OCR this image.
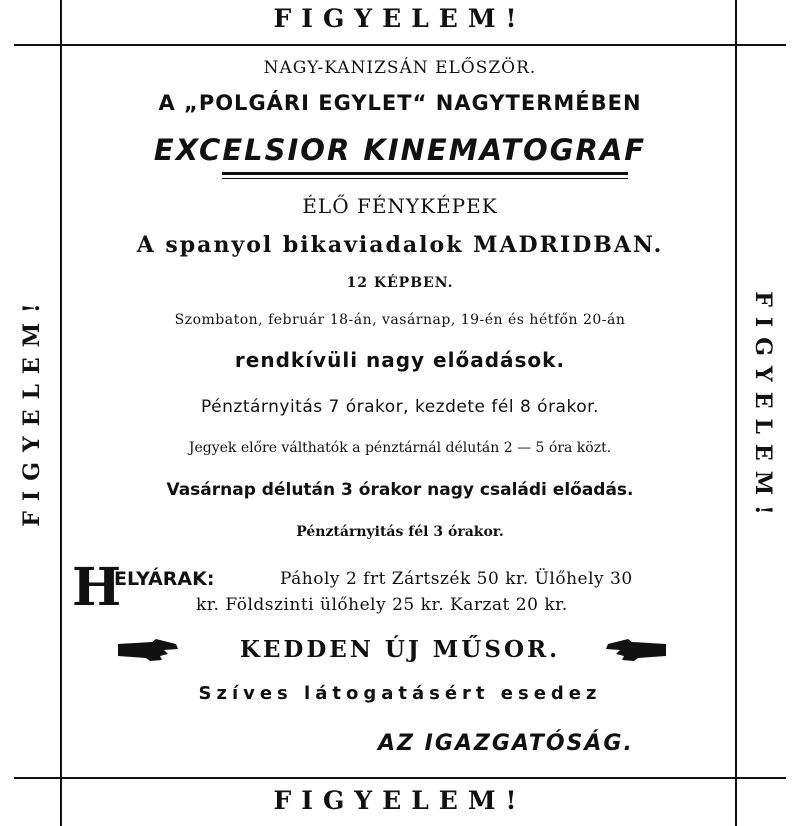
FIGYELEM!
FIGYELEM!
FIGYELEM!	FIGYELEM!
NAGY-KANIZSÁN ELŐSZÖR.
A „POLGÁRI EGYLET“ NAGYTERMÉBEN
EXCELSIOR KINEMATOGRAF
ÉLŐ FÉNYKÉPEK
A spanyol bikaviadalok MADRIDBAN.
12 KÉPBEN.
Szombaton, február 18-án, vasárnap, 19-én és hétfőn 20-án
rendkívüli nagy előadások.
Pénztárnyitás 7 órakor, kezdete fél 8 órakor.
Jegyek előre válthatók a pénztárnál délután 2 — 5 óra közt.
Vasárnap délután 3 órakor nagy családi előadás.
Pénztárnyitás fél 3 órakor.
H
ELYÁRAK:	Páholy 2 frt Zártszék 50 kr. Ülőhely 30
kr. Földszinti ülőhely 25 kr. Karzat 20 kr.
KEDDEN ÚJ MŰSOR.
Szíves látogatásért esedez
AZ IGAZGATÓSÁG.
